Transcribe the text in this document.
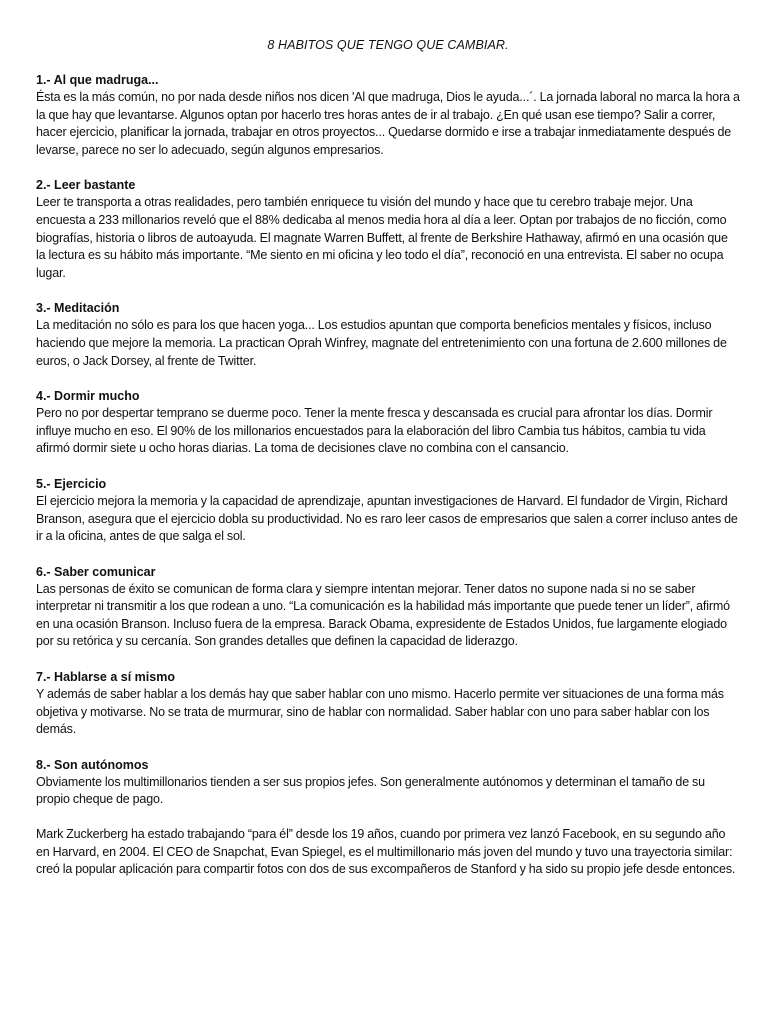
8 HABITOS QUE TENGO QUE CAMBIAR.
1.- Al que madruga...
Ésta es la más común, no por nada desde niños nos dicen 'Al que madruga, Dios le ayuda...´. La jornada laboral no marca la hora a la que hay que levantarse. Algunos optan por hacerlo tres horas antes de ir al trabajo. ¿En qué usan ese tiempo? Salir a correr, hacer ejercicio, planificar la jornada, trabajar en otros proyectos... Quedarse dormido e irse a trabajar inmediatamente después de levarse, parece no ser lo adecuado, según algunos empresarios.
2.- Leer bastante
Leer te transporta a otras realidades, pero también enriquece tu visión del mundo y hace que tu cerebro trabaje mejor. Una encuesta a 233 millonarios reveló que el 88% dedicaba al menos media hora al día a leer. Optan por trabajos de no ficción, como biografías, historia o libros de autoayuda. El magnate Warren Buffett, al frente de Berkshire Hathaway, afirmó en una ocasión que la lectura es su hábito más importante. “Me siento en mi oficina y leo todo el día”, reconoció en una entrevista. El saber no ocupa lugar.
3.- Meditación
La meditación no sólo es para los que hacen yoga... Los estudios apuntan que comporta beneficios mentales y físicos, incluso haciendo que mejore la memoria. La practican Oprah Winfrey, magnate del entretenimiento con una fortuna de 2.600 millones de euros, o Jack Dorsey, al frente de Twitter.
4.- Dormir mucho
Pero no por despertar temprano se duerme poco. Tener la mente fresca y descansada es crucial para afrontar los días. Dormir influye mucho en eso. El 90% de los millonarios encuestados para la elaboración del libro Cambia tus hábitos, cambia tu vida afirmó dormir siete u ocho horas diarias. La toma de decisiones clave no combina con el cansancio.
5.- Ejercicio
El ejercicio mejora la memoria y la capacidad de aprendizaje, apuntan investigaciones de Harvard. El fundador de Virgin, Richard Branson, asegura que el ejercicio dobla su productividad. No es raro leer casos de empresarios que salen a correr incluso antes de ir a la oficina, antes de que salga el sol.
6.- Saber comunicar
Las personas de éxito se comunican de forma clara y siempre intentan mejorar. Tener datos no supone nada si no se saber interpretar ni transmitir a los que rodean a uno. “La comunicación es la habilidad más importante que puede tener un líder”, afirmó en una ocasión Branson. Incluso fuera de la empresa. Barack Obama, expresidente de Estados Unidos, fue largamente elogiado por su retórica y su cercanía. Son grandes detalles que definen la capacidad de liderazgo.
7.- Hablarse a sí mismo
Y además de saber hablar a los demás hay que saber hablar con uno mismo. Hacerlo permite ver situaciones de una forma más objetiva y motivarse. No se trata de murmurar, sino de hablar con normalidad. Saber hablar con uno para saber hablar con los demás.
8.- Son autónomos
Obviamente los multimillonarios tienden a ser sus propios jefes. Son generalmente autónomos y determinan el tamaño de su propio cheque de pago.
Mark Zuckerberg ha estado trabajando “para él” desde los 19 años, cuando por primera vez lanzó Facebook, en su segundo año en Harvard, en 2004. El CEO de Snapchat, Evan Spiegel, es el multimillonario más joven del mundo y tuvo una trayectoria similar: creó la popular aplicación para compartir fotos con dos de sus excompañeros de Stanford y ha sido su propio jefe desde entonces.
